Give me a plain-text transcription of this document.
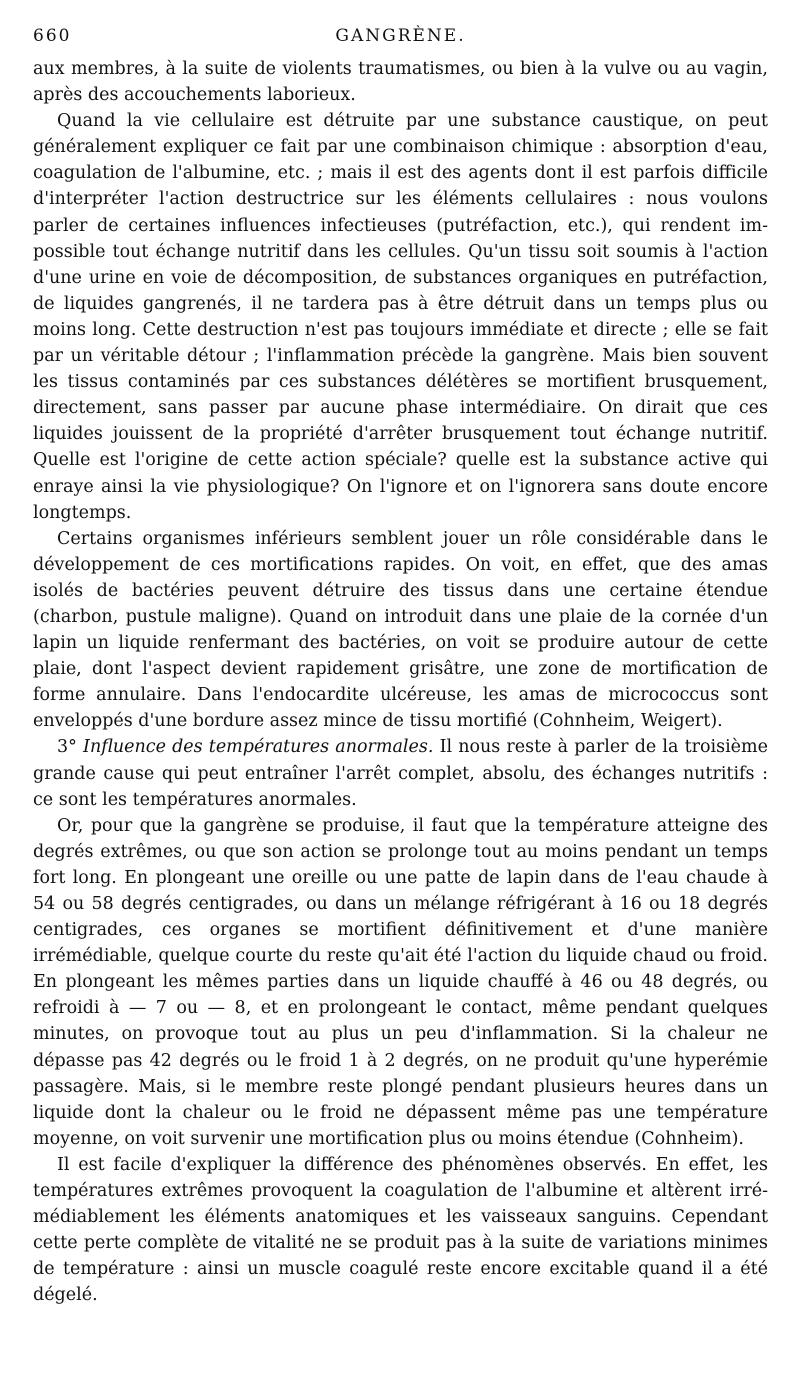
660	GANGRÈNE.

aux membres, à la suite de violents traumatismes, ou bien à la vulve ou au vagin, après des accouchements laborieux.

Quand la vie cellulaire est détruite par une substance caustique, on peut généralement expliquer ce fait par une combinaison chimique : absorption d'eau, coagulation de l'albumine, etc. ; mais il est des agents dont il est parfois difficile d'interpréter l'action destructrice sur les éléments cellulaires : nous voulons parler de certaines influences infectieuses (putréfaction, etc.), qui rendent impossible tout échange nutritif dans les cellules. Qu'un tissu soit soumis à l'action d'une urine en voie de décomposition, de substances organiques en putréfaction, de liquides gangrenés, il ne tardera pas à être détruit dans un temps plus ou moins long. Cette destruction n'est pas toujours immédiate et directe ; elle se fait par un véritable détour ; l'inflammation précède la gangrène. Mais bien souvent les tissus contaminés par ces substances délétères se mortifient brusquement, directement, sans passer par aucune phase intermédiaire. On dirait que ces liquides jouissent de la propriété d'arrêter brusquement tout échange nutritif. Quelle est l'origine de cette action spéciale? quelle est la substance active qui enraye ainsi la vie physiologique? On l'ignore et on l'ignorera sans doute encore longtemps.

Certains organismes inférieurs semblent jouer un rôle considérable dans le développement de ces mortifications rapides. On voit, en effet, que des amas isolés de bactéries peuvent détruire des tissus dans une certaine étendue (charbon, pustule maligne). Quand on introduit dans une plaie de la cornée d'un lapin un liquide renfermant des bactéries, on voit se produire autour de cette plaie, dont l'aspect devient rapidement grisâtre, une zone de mortification de forme annulaire. Dans l'endocardite ulcéreuse, les amas de micrococcus sont enveloppés d'une bordure assez mince de tissu mortifié (Cohnheim, Weigert).

3° Influence des températures anormales. Il nous reste à parler de la troisième grande cause qui peut entraîner l'arrêt complet, absolu, des échanges nutritifs : ce sont les températures anormales.

Or, pour que la gangrène se produise, il faut que la température atteigne des degrés extrêmes, ou que son action se prolonge tout au moins pendant un temps fort long. En plongeant une oreille ou une patte de lapin dans de l'eau chaude à 54 ou 58 degrés centigrades, ou dans un mélange réfrigérant à 16 ou 18 degrés centigrades, ces organes se mortifient définitivement et d'une manière irrémédiable, quelque courte du reste qu'ait été l'action du liquide chaud ou froid. En plongeant les mêmes parties dans un liquide chauffé à 46 ou 48 degrés, ou refroidi à — 7 ou — 8, et en prolongeant le contact, même pendant quelques minutes, on provoque tout au plus un peu d'inflammation. Si la chaleur ne dépasse pas 42 degrés ou le froid 1 à 2 degrés, on ne produit qu'une hyperémie passagère. Mais, si le membre reste plongé pendant plusieurs heures dans un liquide dont la chaleur ou le froid ne dépassent même pas une température moyenne, on voit survenir une mortification plus ou moins étendue (Cohnheim).

Il est facile d'expliquer la différence des phénomènes observés. En effet, les températures extrêmes provoquent la coagulation de l'albumine et altèrent irrémédiablement les éléments anatomiques et les vaisseaux sanguins. Cependant cette perte complète de vitalité ne se produit pas à la suite de variations minimes de température : ainsi un muscle coagulé reste encore excitable quand il a été dégelé.
